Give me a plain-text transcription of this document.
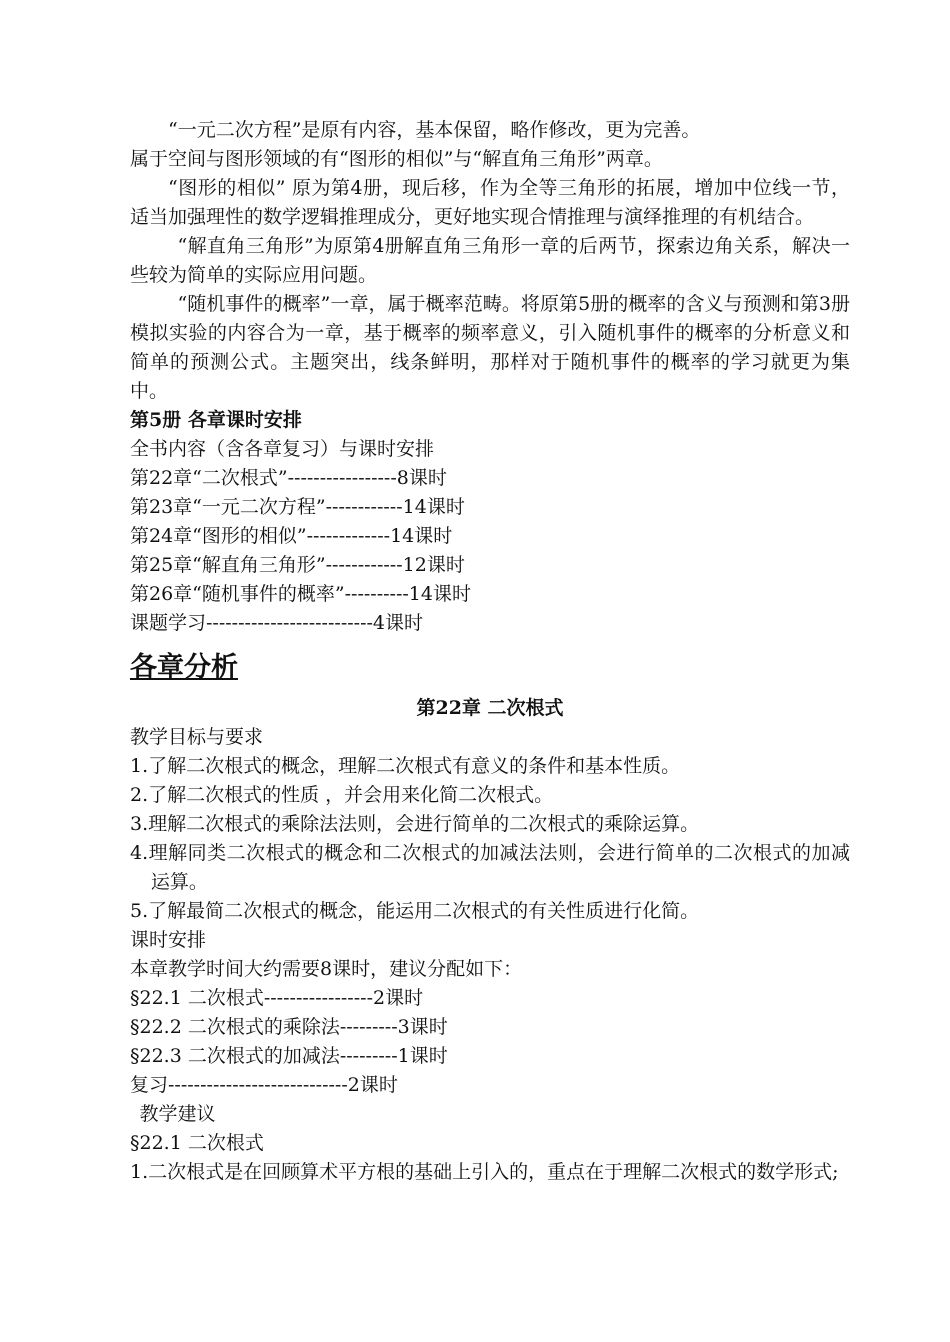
“一元二次方程”是原有内容，基本保留，略作修改，更为完善。

属于空间与图形领域的有“图形的相似”与“解直角三角形”两章。

“图形的相似” 原为第4册，现后移，作为全等三角形的拓展，增加中位线一节，适当加强理性的数学逻辑推理成分，更好地实现合情推理与演绎推理的有机结合。

“解直角三角形”为原第4册解直角三角形一章的后两节，探索边角关系，解决一些较为简单的实际应用问题。

“随机事件的概率”一章，属于概率范畴。将原第5册的概率的含义与预测和第3册模拟实验的内容合为一章，基于概率的频率意义，引入随机事件的概率的分析意义和简单的预测公式。主题突出，线条鲜明，那样对于随机事件的概率的学习就更为集中。

第5册 各章课时安排

全书内容（含各章复习）与课时安排

第22章“二次根式”-----------------8课时

第23章“一元二次方程”------------14课时

第24章“图形的相似”-------------14课时

第25章“解直角三角形”------------12课时

第26章“随机事件的概率”----------14课时

课题学习--------------------------4课时

各章分析

第22章 二次根式

教学目标与要求

1.了解二次根式的概念，理解二次根式有意义的条件和基本性质。

2.了解二次根式的性质 ，并会用来化简二次根式。

3.理解二次根式的乘除法法则，会进行简单的二次根式的乘除运算。

4.理解同类二次根式的概念和二次根式的加减法法则，会进行简单的二次根式的加减运算。

5.了解最简二次根式的概念，能运用二次根式的有关性质进行化简。

课时安排

本章教学时间大约需要8课时，建议分配如下：

§22.1 二次根式-----------------2课时

§22.2 二次根式的乘除法---------3课时

§22.3 二次根式的加减法---------1课时

复习----------------------------2课时

教学建议

§22.1 二次根式

1.二次根式是在回顾算术平方根的基础上引入的，重点在于理解二次根式的数学形式;
